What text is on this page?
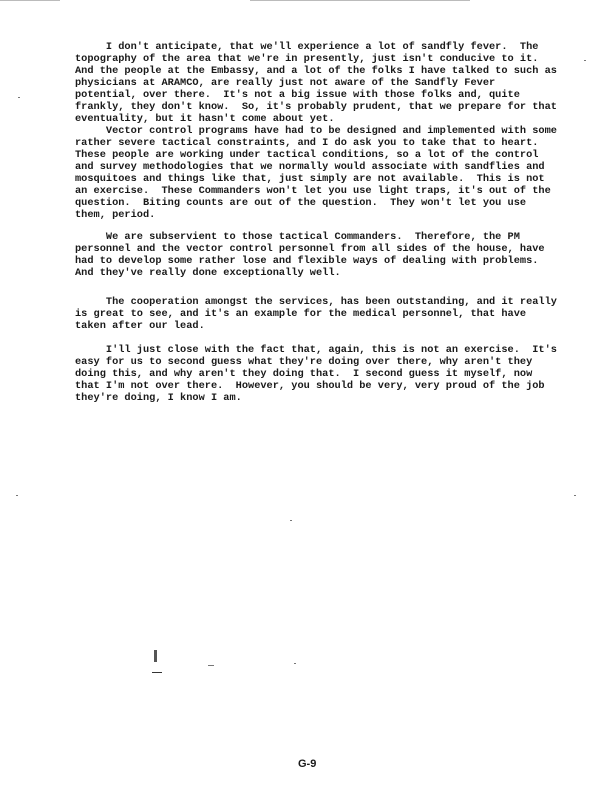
I don't anticipate, that we'll experience a lot of sandfly fever.  The
topography of the area that we're in presently, just isn't conducive to it.
And the people at the Embassy, and a lot of the folks I have talked to such as
physicians at ARAMCO, are really just not aware of the Sandfly Fever
potential, over there.  It's not a big issue with those folks and, quite
frankly, they don't know.  So, it's probably prudent, that we prepare for that
eventuality, but it hasn't come about yet.

Vector control programs have had to be designed and implemented with some
rather severe tactical constraints, and I do ask you to take that to heart.
These people are working under tactical conditions, so a lot of the control
and survey methodologies that we normally would associate with sandflies and
mosquitoes and things like that, just simply are not available.  This is not
an exercise.  These Commanders won't let you use light traps, it's out of the
question.  Biting counts are out of the question.  They won't let you use
them, period.

We are subservient to those tactical Commanders.  Therefore, the PM
personnel and the vector control personnel from all sides of the house, have
had to develop some rather lose and flexible ways of dealing with problems.
And they've really done exceptionally well.

The cooperation amongst the services, has been outstanding, and it really
is great to see, and it's an example for the medical personnel, that have
taken after our lead.

I'll just close with the fact that, again, this is not an exercise.  It's
easy for us to second guess what they're doing over there, why aren't they
doing this, and why aren't they doing that.  I second guess it myself, now
that I'm not over there.  However, you should be very, very proud of the job
they're doing, I know I am.

G-9
